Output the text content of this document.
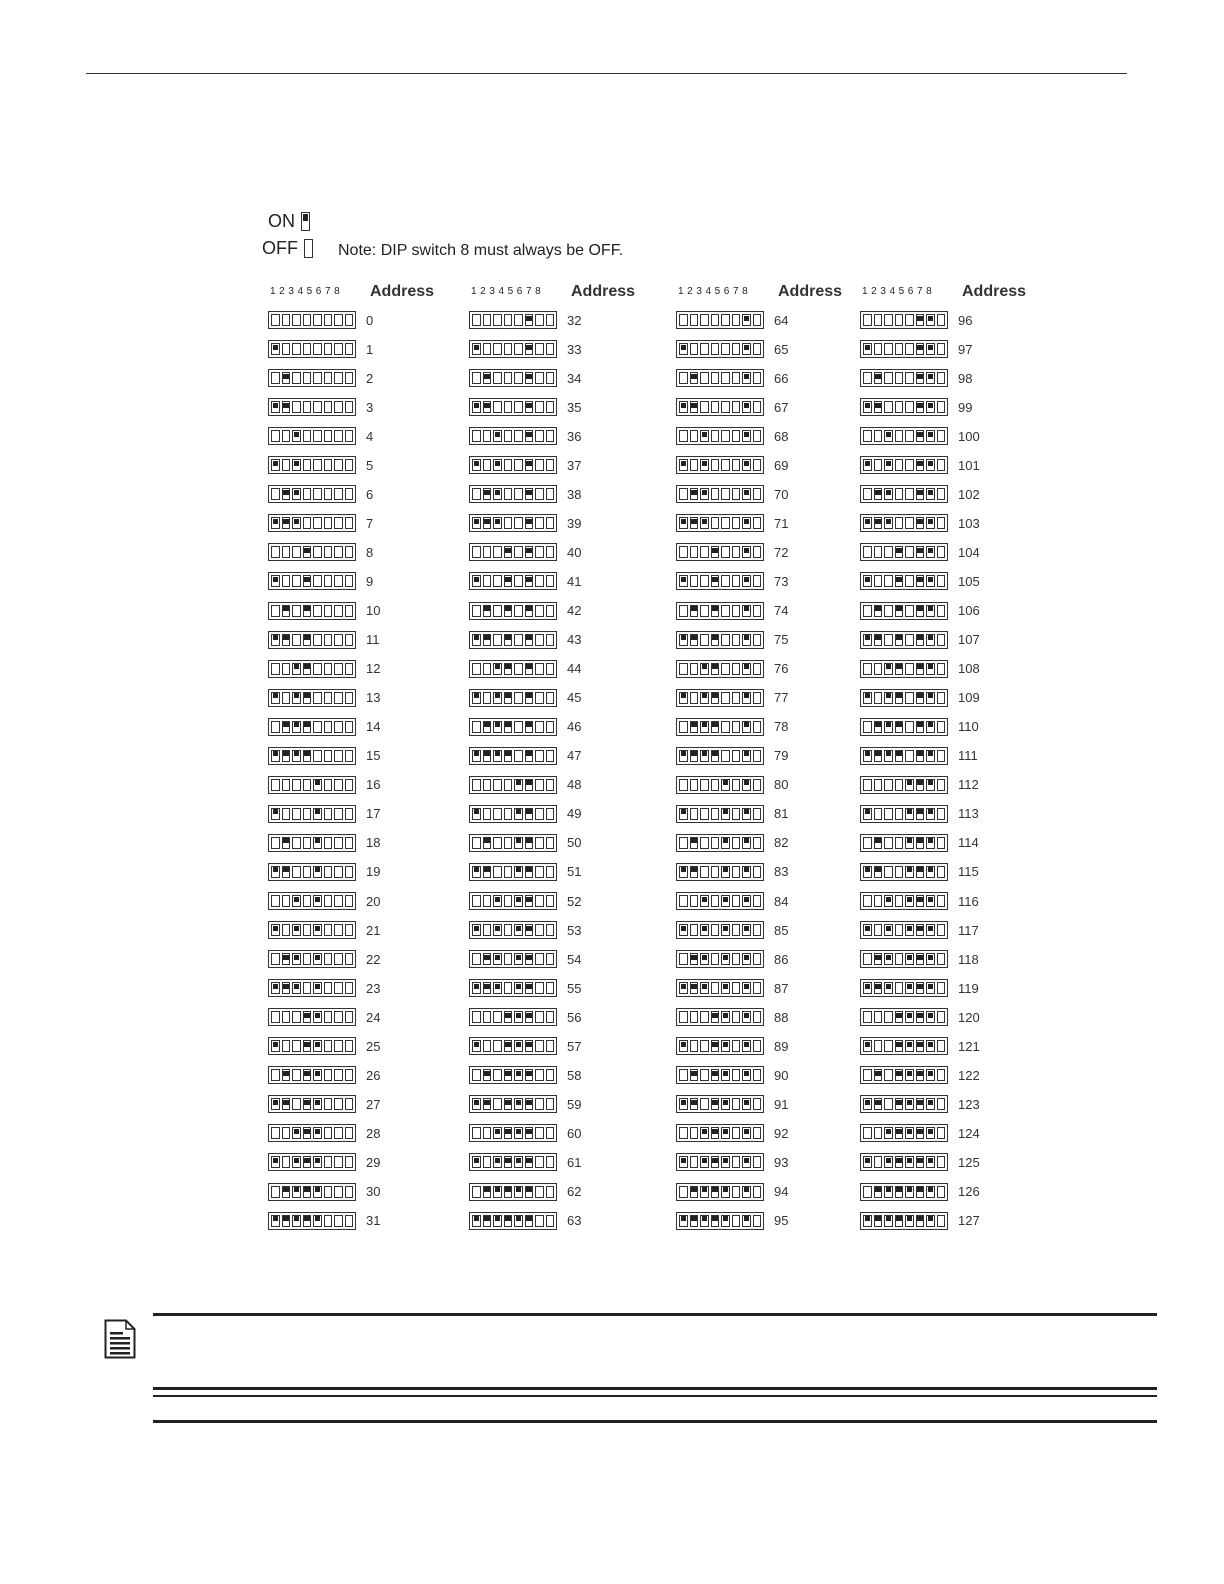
ON
OFF	Note: DIP switch 8 must always be OFF.
12345678 Address
0
1
2
3
4
5
6
7
8
9
10
11
12
13
14
15
16
17
18
19
20
21
22
23
24
25
26
27
28
29
30
31
12345678 Address
32
33
34
35
36
37
38
39
40
41
42
43
44
45
46
47
48
49
50
51
52
53
54
55
56
57
58
59
60
61
62
63
12345678 Address
64
65
66
67
68
69
70
71
72
73
74
75
76
77
78
79
80
81
82
83
84
85
86
87
88
89
90
91
92
93
94
95
12345678 Address
96
97
98
99
100
101
102
103
104
105
106
107
108
109
110
111
112
113
114
115
116
117
118
119
120
121
122
123
124
125
126
127
